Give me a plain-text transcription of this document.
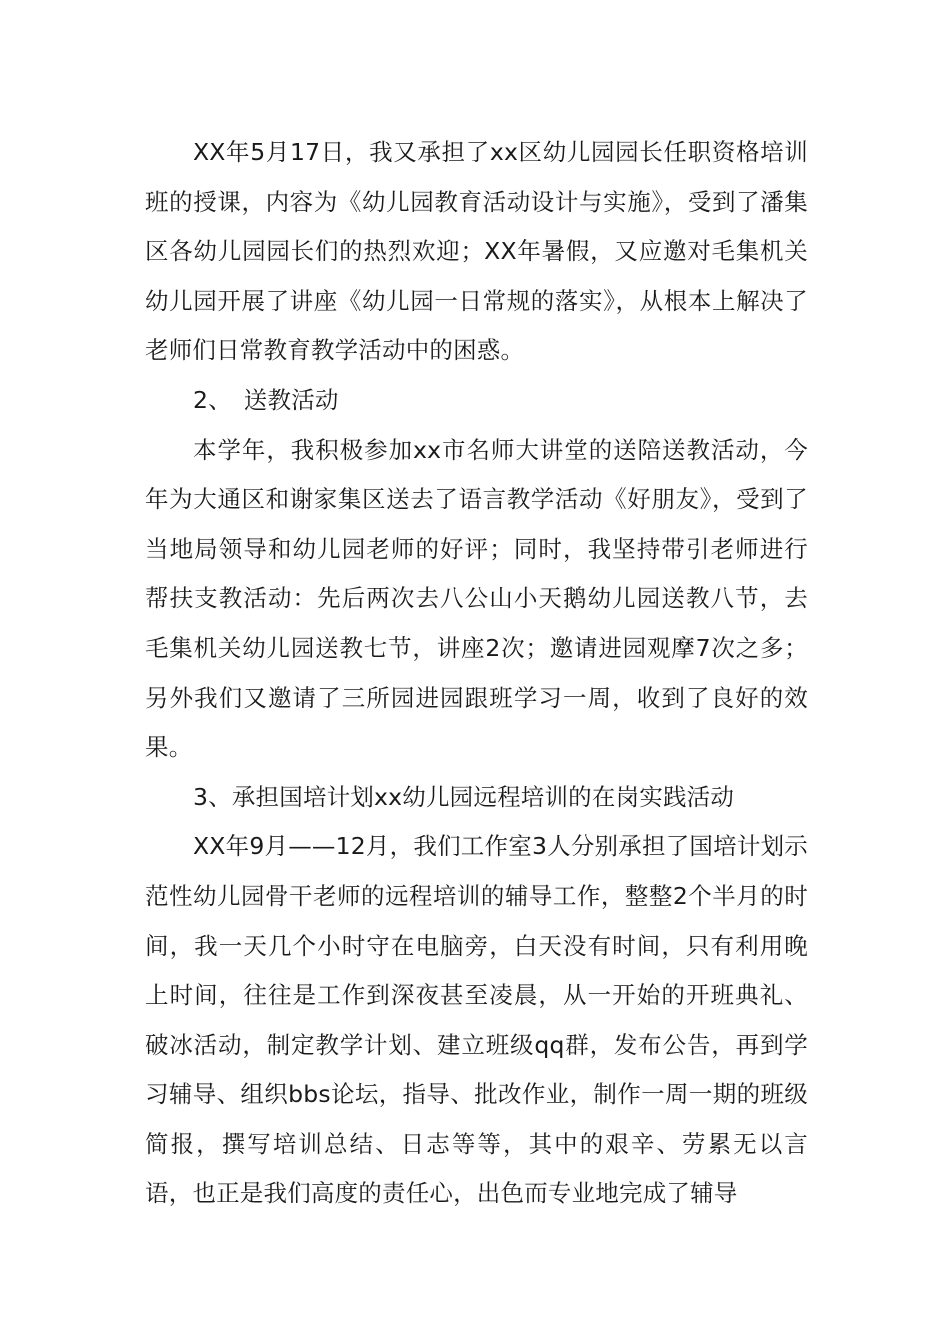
XX年5月17日，我又承担了xx区幼儿园园长任职资格培训班的授课，内容为《幼儿园教育活动设计与实施》，受到了潘集区各幼儿园园长们的热烈欢迎；XX年暑假，又应邀对毛集机关幼儿园开展了讲座《幼儿园一日常规的落实》，从根本上解决了老师们日常教育教学活动中的困惑。

2、　送教活动

本学年，我积极参加xx市名师大讲堂的送陪送教活动，今年为大通区和谢家集区送去了语言教学活动《好朋友》，受到了当地局领导和幼儿园老师的好评；同时，我坚持带引老师进行帮扶支教活动：先后两次去八公山小天鹅幼儿园送教八节，去毛集机关幼儿园送教七节，讲座2次；邀请进园观摩7次之多；另外我们又邀请了三所园进园跟班学习一周，收到了良好的效果。

3、承担国培计划xx幼儿园远程培训的在岗实践活动

XX年9月——12月，我们工作室3人分别承担了国培计划示范性幼儿园骨干老师的远程培训的辅导工作，整整2个半月的时间，我一天几个小时守在电脑旁，白天没有时间，只有利用晚上时间，往往是工作到深夜甚至凌晨，从一开始的开班典礼、破冰活动，制定教学计划、建立班级qq群，发布公告，再到学习辅导、组织bbs论坛，指导、批改作业，制作一周一期的班级简报，撰写培训总结、日志等等，其中的艰辛、劳累无以言语，也正是我们高度的责任心，出色而专业地完成了辅导
